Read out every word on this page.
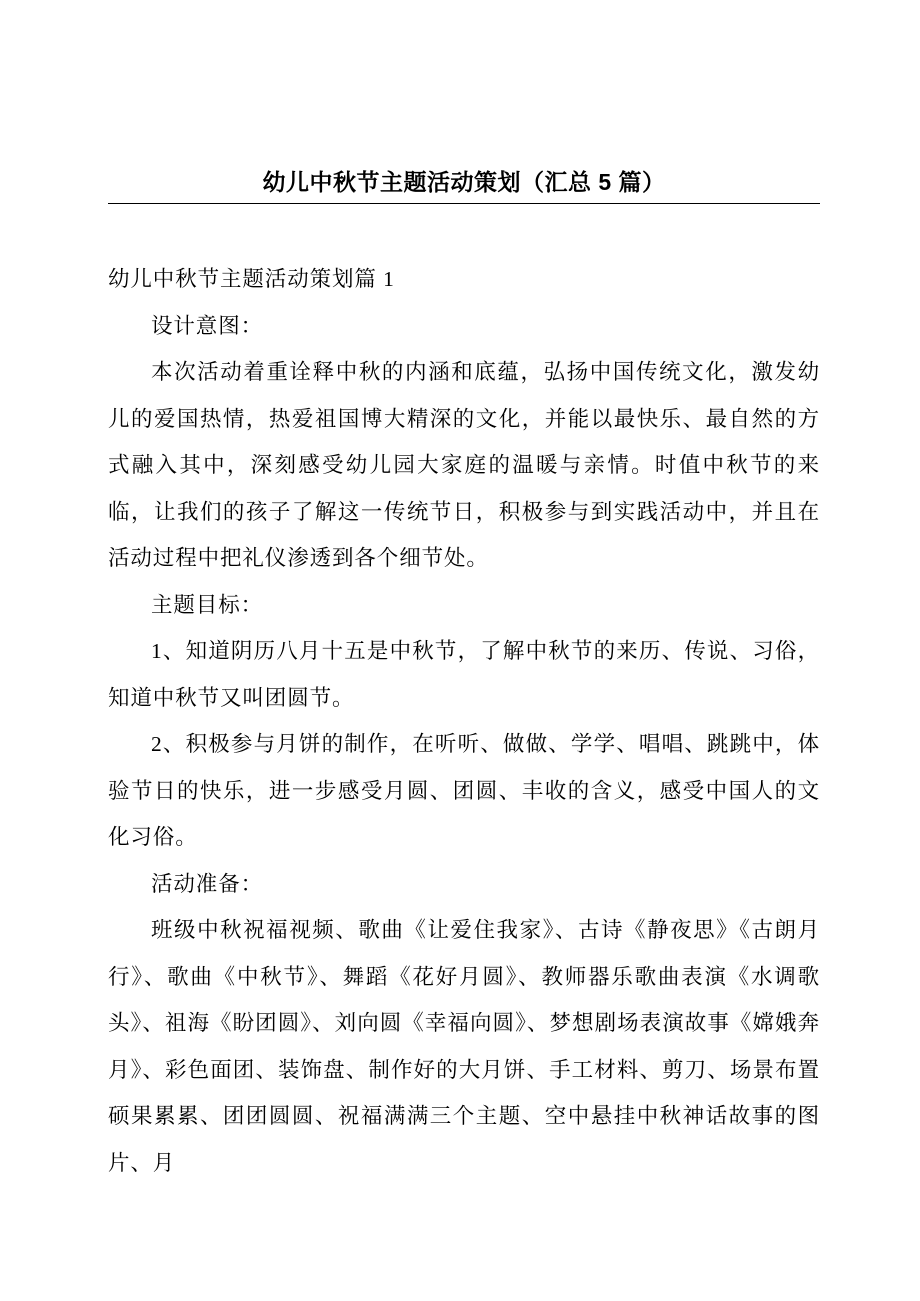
幼儿中秋节主题活动策划（汇总 5 篇）

幼儿中秋节主题活动策划篇 1

设计意图：

本次活动着重诠释中秋的内涵和底蕴，弘扬中国传统文化，激发幼儿的爱国热情，热爱祖国博大精深的文化，并能以最快乐、最自然的方式融入其中，深刻感受幼儿园大家庭的温暖与亲情。时值中秋节的来临，让我们的孩子了解这一传统节日，积极参与到实践活动中，并且在活动过程中把礼仪渗透到各个细节处。

主题目标：

1、知道阴历八月十五是中秋节，了解中秋节的来历、传说、习俗，知道中秋节又叫团圆节。

2、积极参与月饼的制作，在听听、做做、学学、唱唱、跳跳中，体验节日的快乐，进一步感受月圆、团圆、丰收的含义，感受中国人的文化习俗。

活动准备：

班级中秋祝福视频、歌曲《让爱住我家》、古诗《静夜思》《古朗月行》、歌曲《中秋节》、舞蹈《花好月圆》、教师器乐歌曲表演《水调歌头》、祖海《盼团圆》、刘向圆《幸福向圆》、梦想剧场表演故事《嫦娥奔月》、彩色面团、装饰盘、制作好的大月饼、手工材料、剪刀、场景布置硕果累累、团团圆圆、祝福满满三个主题、空中悬挂中秋神话故事的图片、月
